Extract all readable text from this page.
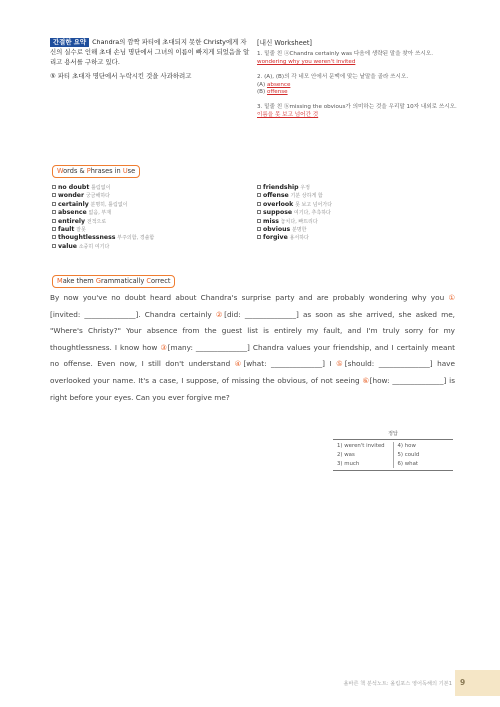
간결한 요약 Chandra의 깜짝 파티에 초대되지 못한 Christy에게 자신의 실수로 인해 초대 손님 명단에서 그녀의 이름이 빠지게 되었음을 알리고 용서를 구하고 있다.
⑤ 파티 초대자 명단에서 누락시킨 것을 사과하려고
[내신 Worksheet]
1. 밑줄 친 ⓐChandra certainly was 다음에 생략된 말을 찾아 쓰시오.
wondering why you weren't invited
2. (A), (B)의 각 네모 안에서 문맥에 맞는 낱말을 골라 쓰시오.
(A) absence
(B) offense
3. 밑줄 친 ⓑmissing the obvious가 의미하는 것을 우리말 10자 내외로 쓰시오.
이름을 못 보고 넘어간 것
Words & Phrases in Use
no doubt 틀림없이
wonder 궁금해하다
certainly 분명히, 틀림없이
absence 없음, 부재
entirely 전적으로
fault 잘못
thoughtlessness 부주의함, 경솔함
value 소중히 여기다
friendship 우정
offense 기분 상하게 함
overlook 못 보고 넘어가다
suppose 여기다, 추측하다
miss 놓치다, 빠뜨리다
obvious 분명한
forgive 용서하다
Make them Grammatically Correct
By now you've no doubt heard about Chandra's surprise party and are probably wondering why you ① [invited: ______________]. Chandra certainly ②[did: ______________] as soon as she arrived, she asked me, "Where's Christy?" Your absence from the guest list is entirely my fault, and I'm truly sorry for my thoughtlessness. I know how ③[many: ______________] Chandra values your friendship, and I certainly meant no offense. Even now, I still don't understand ④[what: ______________] I ⑤[should: ______________] have overlooked your name. It's a case, I suppose, of missing the obvious, of not seeing ⑥[how: ______________] is right before your eyes. Can you ever forgive me?
정답
1) weren't invited
2) was
3) much
4) how
5) could
6) what
올바른 책 분석노트: 올림포스 영어독해의 기본1 9
